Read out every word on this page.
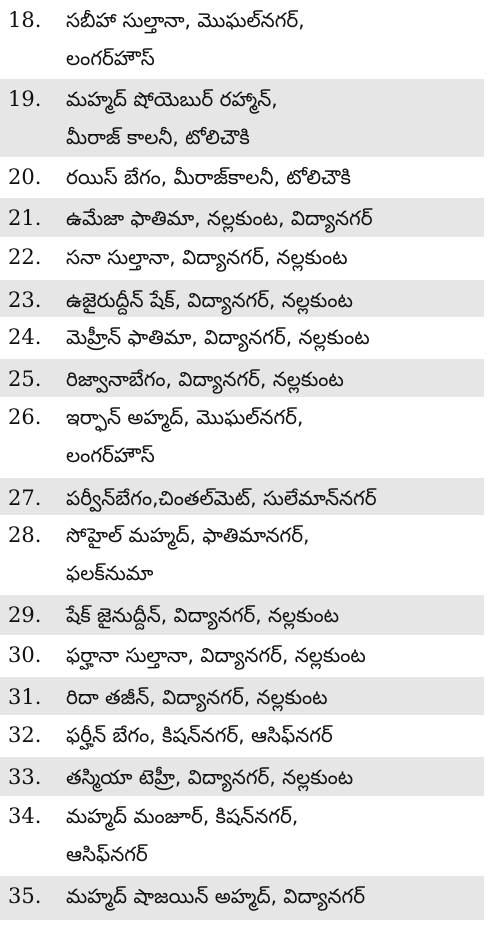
18.	సబీహా సుల్తానా, మొఘల్‌నగర్,
లంగర్‌హౌస్
19.	మహ్మద్ షోయెబుర్ రహ్మాన్,
మీరాజ్ కాలనీ, టోలిచౌకి
20.	రయిస్ బేగం, మీరాజ్‌కాలనీ, టోలిచౌకి
21.	ఉమేజా ఫాతిమా, నల్లకుంట, విద్యానగర్
22.	సనా సుల్తానా, విద్యానగర్, నల్లకుంట
23.	ఉజైరుద్దీన్ షేక్, విద్యానగర్, నల్లకుంట
24.	మెహ్రీన్ ఫాతిమా, విద్యానగర్, నల్లకుంట
25.	రిజ్వానాబేగం, విద్యానగర్, నల్లకుంట
26.	ఇర్ఫాన్ అహ్మద్, మొఘల్‌నగర్,
లంగర్‌హౌస్
27.	పర్వీన్‌బేగం,చింతల్‌మెట్, సులేమాన్‌నగర్
28.	సోహైల్ మహ్మద్, ఫాతిమానగర్,
ఫలక్‌నుమా
29.	షేక్ జైనుద్దీన్, విద్యానగర్, నల్లకుంట
30.	ఫర్హానా సుల్తానా, విద్యానగర్, నల్లకుంట
31.	రిదా తజీన్, విద్యానగర్, నల్లకుంట
32.	ఫర్హీన్ బేగం, కిషన్‌నగర్, ఆసిఫ్‌నగర్
33.	తస్మియా టెహ్రీ, విద్యానగర్, నల్లకుంట
34.	మహ్మద్ మంజూర్, కిషన్‌నగర్,
ఆసిఫ్‌నగర్
35.	మహ్మద్ షాజయిన్ అహ్మద్, విద్యానగర్
